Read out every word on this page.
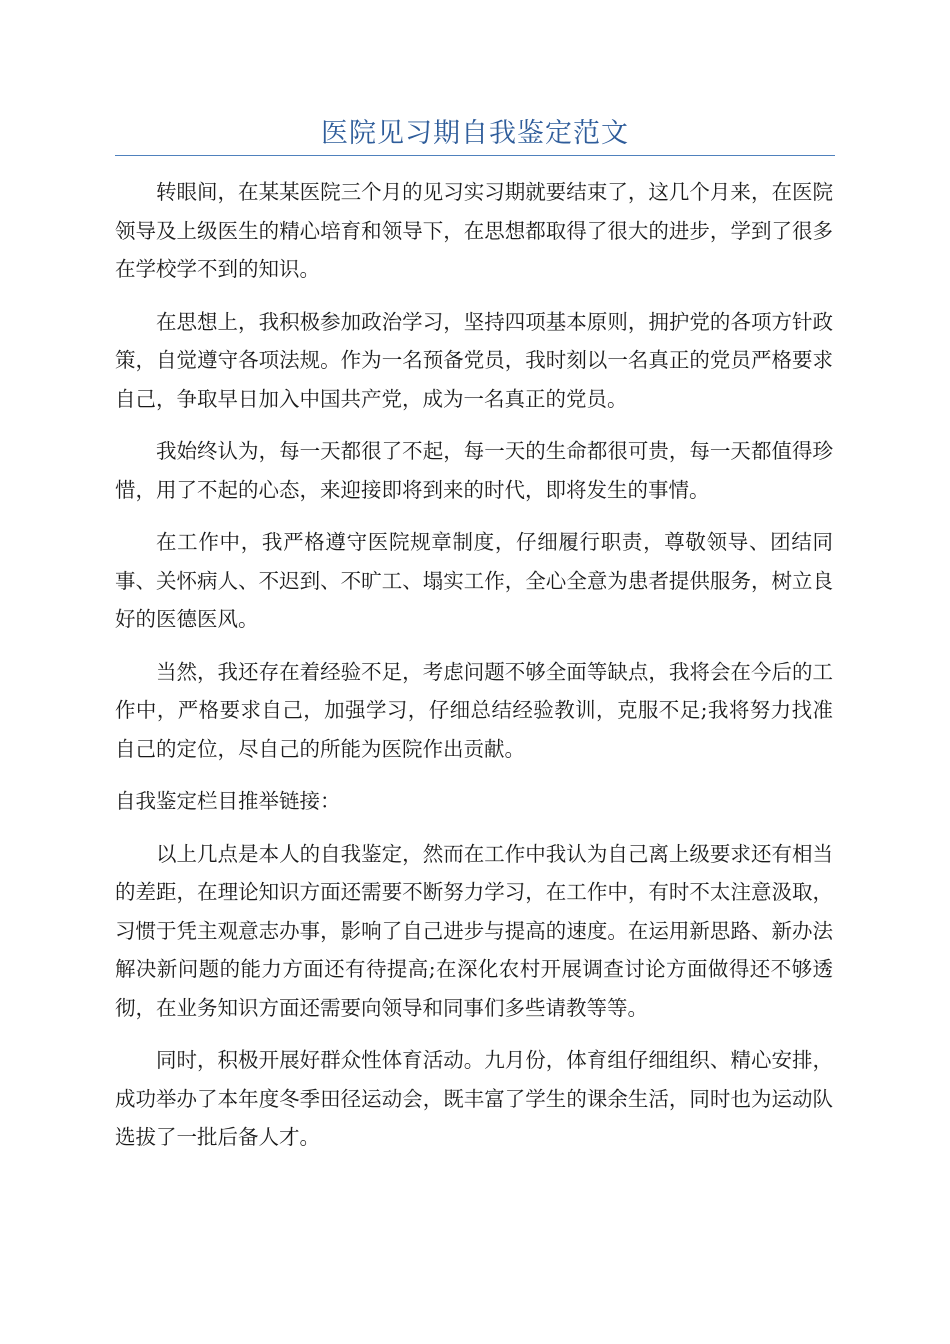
医院见习期自我鉴定范文

转眼间，在某某医院三个月的见习实习期就要结束了，这几个月来，在医院领导及上级医生的精心培育和领导下，在思想都取得了很大的进步，学到了很多在学校学不到的知识。

在思想上，我积极参加政治学习，坚持四项基本原则，拥护党的各项方针政策，自觉遵守各项法规。作为一名预备党员，我时刻以一名真正的党员严格要求自己，争取早日加入中国共产党，成为一名真正的党员。

我始终认为，每一天都很了不起，每一天的生命都很可贵，每一天都值得珍惜，用了不起的心态，来迎接即将到来的时代，即将发生的事情。

在工作中，我严格遵守医院规章制度，仔细履行职责，尊敬领导、团结同事、关怀病人、不迟到、不旷工、塌实工作，全心全意为患者提供服务，树立良好的医德医风。

当然，我还存在着经验不足，考虑问题不够全面等缺点，我将会在今后的工作中，严格要求自己，加强学习，仔细总结经验教训，克服不足;我将努力找准自己的定位，尽自己的所能为医院作出贡献。

自我鉴定栏目推举链接：

以上几点是本人的自我鉴定，然而在工作中我认为自己离上级要求还有相当的差距，在理论知识方面还需要不断努力学习，在工作中，有时不太注意汲取，习惯于凭主观意志办事，影响了自己进步与提高的速度。在运用新思路、新办法解决新问题的能力方面还有待提高;在深化农村开展调查讨论方面做得还不够透彻，在业务知识方面还需要向领导和同事们多些请教等等。

同时，积极开展好群众性体育活动。九月份，体育组仔细组织、精心安排，成功举办了本年度冬季田径运动会，既丰富了学生的课余生活，同时也为运动队选拔了一批后备人才。
